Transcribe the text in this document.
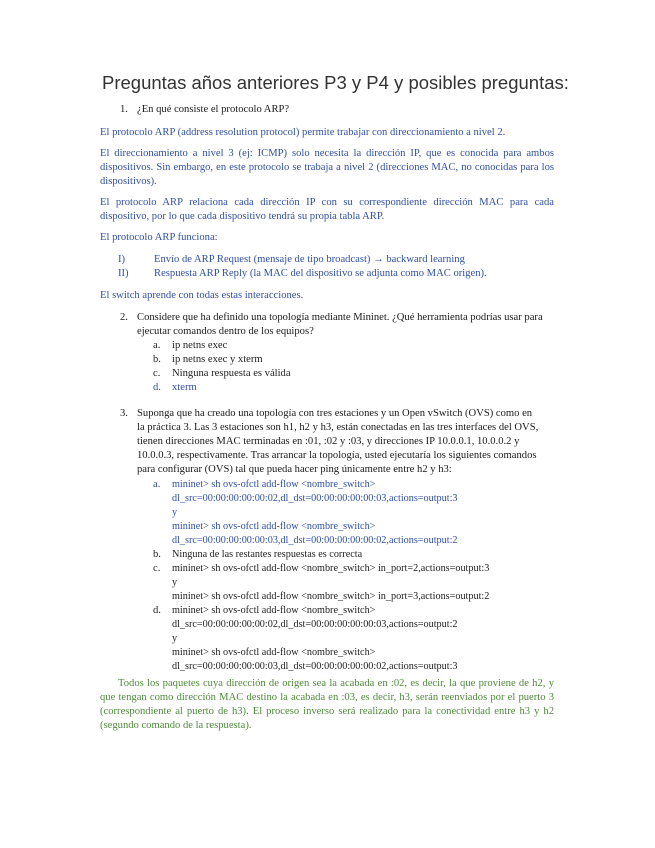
Preguntas años anteriores P3 y P4 y posibles preguntas:
1. ¿En qué consiste el protocolo ARP?
El protocolo ARP (address resolution protocol) permite trabajar con direccionamiento a nivel 2.
El direccionamiento a nivel 3 (ej: ICMP) solo necesita la dirección IP, que es conocida para ambos dispositivos. Sin embargo, en este protocolo se trabaja a nivel 2 (direcciones MAC, no conocidas para los dispositivos).
El protocolo ARP relaciona cada dirección IP con su correspondiente dirección MAC para cada dispositivo, por lo que cada dispositivo tendrá su propia tabla ARP.
El protocolo ARP funciona:
I)	Envío de ARP Request (mensaje de tipo broadcast) → backward learning
II) Respuesta ARP Reply (la MAC del dispositivo se adjunta como MAC origen).
El switch aprende con todas estas interacciones.
2. Considere que ha definido una topología mediante Mininet. ¿Qué herramienta podrías usar para
ejecutar comandos dentro de los equipos?
a.	ip netns exec
b.	ip netns exec y xterm
c.	Ninguna respuesta es válida
d.	xterm
3. Suponga que ha creado una topología con tres estaciones y un Open vSwitch (OVS) como en
la práctica 3. Las 3 estaciones son h1, h2 y h3, están conectadas en las tres interfaces del OVS,
tienen direcciones MAC terminadas en :01, :02 y :03, y direcciones IP 10.0.0.1, 10.0.0.2 y
10.0.0.3, respectivamente. Tras arrancar la topología, usted ejecutaría los siguientes comandos
para configurar (OVS) tal que pueda hacer ping únicamente entre h2 y h3:
a.	mininet> sh ovs-ofctl add-flow <nombre_switch>
dl_src=00:00:00:00:00:02,dl_dst=00:00:00:00:00:03,actions=output:3
y
mininet> sh ovs-ofctl add-flow <nombre_switch>
dl_src=00:00:00:00:00:03,dl_dst=00:00:00:00:00:02,actions=output:2
b.	Ninguna de las restantes respuestas es correcta
c.	mininet> sh ovs-ofctl add-flow <nombre_switch> in_port=2,actions=output:3
y
mininet> sh ovs-ofctl add-flow <nombre_switch> in_port=3,actions=output:2
d.	mininet> sh ovs-ofctl add-flow <nombre_switch>
dl_src=00:00:00:00:00:02,dl_dst=00:00:00:00:00:03,actions=output:2
y
mininet> sh ovs-ofctl add-flow <nombre_switch>
dl_src=00:00:00:00:00:03,dl_dst=00:00:00:00:00:02,actions=output:3
Todos los paquetes cuya dirección de origen sea la acabada en :02, es decir, la que proviene de h2, y que tengan como dirección MAC destino la acabada en :03, es decir, h3, serán reenviados por el puerto 3 (correspondiente al puerto de h3). El proceso inverso será realizado para la conectividad entre h3 y h2 (segundo comando de la respuesta).
